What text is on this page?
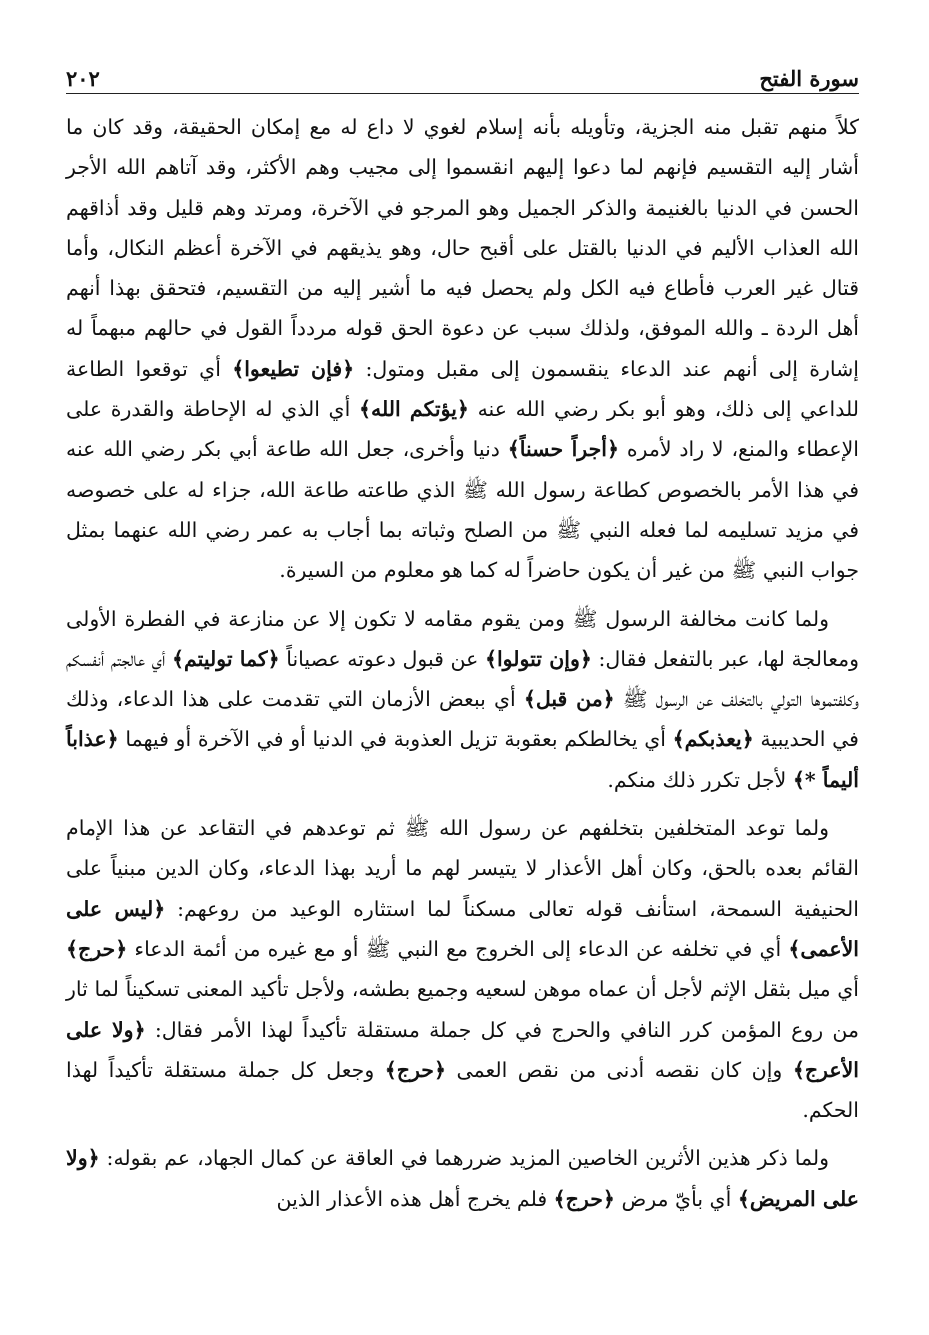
سورة الفتح
٢٠٢

كلاً منهم تقبل منه الجزية، وتأويله بأنه إسلام لغوي لا داع له مع إمكان الحقيقة، وقد كان ما أشار إليه التقسيم فإنهم لما دعوا إليهم انقسموا إلى مجيب وهم الأكثر، وقد آتاهم الله الأجر الحسن في الدنيا بالغنيمة والذكر الجميل وهو المرجو في الآخرة، ومرتد وهم قليل وقد أذاقهم الله العذاب الأليم في الدنيا بالقتل على أقبح حال، وهو يذيقهم في الآخرة أعظم النكال، وأما قتال غير العرب فأطاع فيه الكل ولم يحصل فيه ما أشير إليه من التقسيم، فتحقق بهذا أنهم أهل الردة ـ والله الموفق، ولذلك سبب عن دعوة الحق قوله مردداً القول في حالهم مبهماً له إشارة إلى أنهم عند الدعاء ينقسمون إلى مقبل ومتول: ﴿فإن تطيعوا﴾ أي توقعوا الطاعة للداعي إلى ذلك، وهو أبو بكر رضي الله عنه ﴿يؤتكم الله﴾ أي الذي له الإحاطة والقدرة على الإعطاء والمنع، لا راد لأمره ﴿أجراً حسناً﴾ دنيا وأخرى، جعل الله طاعة أبي بكر رضي الله عنه في هذا الأمر بالخصوص كطاعة رسول الله ﷺ الذي طاعته طاعة الله، جزاء له على خصوصه في مزيد تسليمه لما فعله النبي ﷺ من الصلح وثباته بما أجاب به عمر رضي الله عنهما بمثل جواب النبي ﷺ من غير أن يكون حاضراً له كما هو معلوم من السيرة.

ولما كانت مخالفة الرسول ﷺ ومن يقوم مقامه لا تكون إلا عن منازعة في الفطرة الأولى ومعالجة لها، عبر بالتفعل فقال: ﴿وإن تتولوا﴾ عن قبول دعوته عصياناً ﴿كما توليتم﴾ أي عالجتم أنفسكم وكلفتموها التولي بالتخلف عن الرسول ﷺ ﴿من قبل﴾ أي ببعض الأزمان التي تقدمت على هذا الدعاء، وذلك في الحديبية ﴿يعذبكم﴾ أي يخالطكم بعقوبة تزيل العذوبة في الدنيا أو في الآخرة أو فيهما ﴿عذاباً أليماً *﴾ لأجل تكرر ذلك منكم.

ولما توعد المتخلفين بتخلفهم عن رسول الله ﷺ ثم توعدهم في التقاعد عن هذا الإمام القائم بعده بالحق، وكان أهل الأعذار لا يتيسر لهم ما أريد بهذا الدعاء، وكان الدين مبنياً على الحنيفية السمحة، استأنف قوله تعالى مسكناً لما استثاره الوعيد من روعهم: ﴿ليس على الأعمى﴾ أي في تخلفه عن الدعاء إلى الخروج مع النبي ﷺ أو مع غيره من أئمة الدعاء ﴿حرج﴾ أي ميل بثقل الإثم لأجل أن عماه موهن لسعيه وجميع بطشه، ولأجل تأكيد المعنى تسكيناً لما ثار من روع المؤمن كرر النافي والحرج في كل جملة مستقلة تأكيداً لهذا الأمر فقال: ﴿ولا على الأعرج﴾ وإن كان نقصه أدنى من نقص العمى ﴿حرج﴾ وجعل كل جملة مستقلة تأكيداً لهذا الحكم.

ولما ذكر هذين الأثرين الخاصين المزيد ضررهما في العاقة عن كمال الجهاد، عم بقوله: ﴿ولا على المريض﴾ أي بأيّ مرض ﴿حرج﴾ فلم يخرج أهل هذه الأعذار الذين
